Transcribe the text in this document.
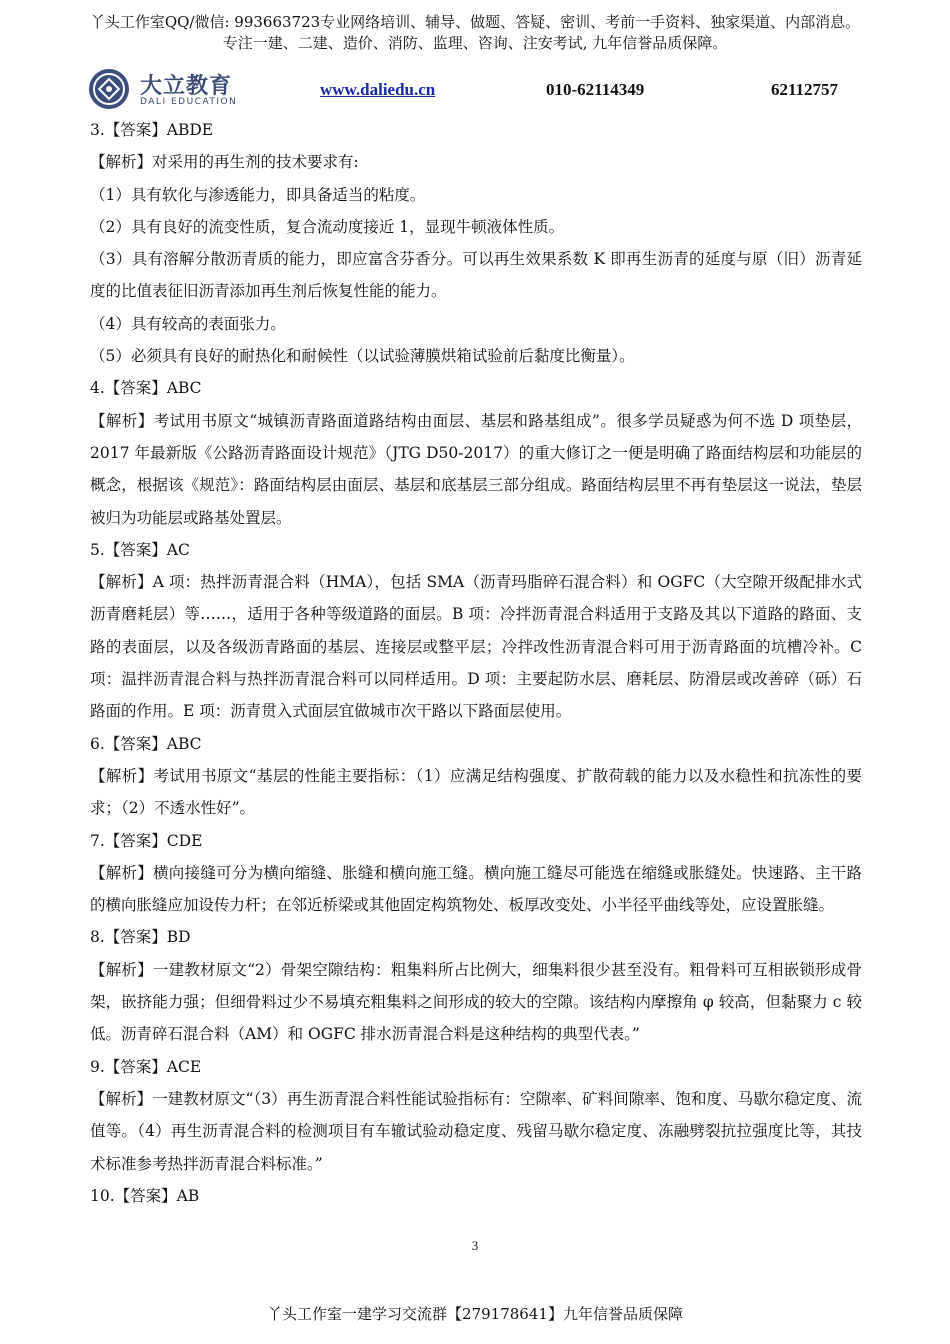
丫头工作室QQ/微信: 993663723专业网络培训、辅导、做题、答疑、密训、考前一手资料、独家渠道、内部消息。
专注一建、二建、造价、消防、监理、咨询、注安考试, 九年信誉品质保障。
大立教育
DALI EDUCATION
www.daliedu.cn	010-62114349	62112757

3.【答案】ABDE

【解析】对采用的再生剂的技术要求有:

（1）具有软化与渗透能力，即具备适当的粘度。

（2）具有良好的流变性质，复合流动度接近 1，显现牛顿液体性质。

（3）具有溶解分散沥青质的能力，即应富含芬香分。可以再生效果系数 K 即再生沥青的延度与原（旧）沥青延度的比值表征旧沥青添加再生剂后恢复性能的能力。

（4）具有较高的表面张力。

（5）必须具有良好的耐热化和耐候性（以试验薄膜烘箱试验前后黏度比衡量）。

4.【答案】ABC

【解析】考试用书原文“城镇沥青路面道路结构由面层、基层和路基组成”。很多学员疑惑为何不选 D 项垫层，2017 年最新版《公路沥青路面设计规范》（JTG D50-2017）的重大修订之一便是明确了路面结构层和功能层的概念，根据该《规范》：路面结构层由面层、基层和底基层三部分组成。路面结构层里不再有垫层这一说法，垫层被归为功能层或路基处置层。

5.【答案】AC

【解析】A 项：热拌沥青混合料（HMA），包括 SMA（沥青玛脂碎石混合料）和 OGFC（大空隙开级配排水式沥青磨耗层）等……，适用于各种等级道路的面层。B 项：冷拌沥青混合料适用于支路及其以下道路的路面、支路的表面层，以及各级沥青路面的基层、连接层或整平层；冷拌改性沥青混合料可用于沥青路面的坑槽冷补。C 项：温拌沥青混合料与热拌沥青混合料可以同样适用。D 项：主要起防水层、磨耗层、防滑层或改善碎（砾）石路面的作用。E 项：沥青贯入式面层宜做城市次干路以下路面层使用。

6.【答案】ABC

【解析】考试用书原文“基层的性能主要指标：（1）应满足结构强度、扩散荷载的能力以及水稳性和抗冻性的要求；（2）不透水性好”。

7.【答案】CDE

【解析】横向接缝可分为横向缩缝、胀缝和横向施工缝。横向施工缝尽可能选在缩缝或胀缝处。快速路、主干路的横向胀缝应加设传力杆；在邻近桥梁或其他固定构筑物处、板厚改变处、小半径平曲线等处，应设置胀缝。

8.【答案】BD

【解析】一建教材原文“2）骨架空隙结构：粗集料所占比例大，细集料很少甚至没有。粗骨料可互相嵌锁形成骨架，嵌挤能力强；但细骨料过少不易填充粗集料之间形成的较大的空隙。该结构内摩擦角 φ 较高，但黏聚力 c 较低。沥青碎石混合料（AM）和 OGFC 排水沥青混合料是这种结构的典型代表。”

9.【答案】ACE

【解析】一建教材原文“（3）再生沥青混合料性能试验指标有：空隙率、矿料间隙率、饱和度、马歇尔稳定度、流值等。（4）再生沥青混合料的检测项目有车辙试验动稳定度、残留马歇尔稳定度、冻融劈裂抗拉强度比等，其技术标准参考热拌沥青混合料标准。”

10.【答案】AB

3
丫头工作室一建学习交流群【279178641】九年信誉品质保障
